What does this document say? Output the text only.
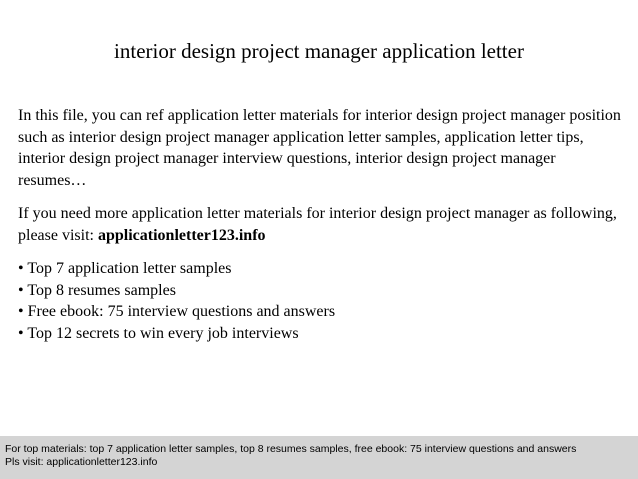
interior design project manager application letter

In this file, you can ref application letter materials for interior design project manager position such as interior design project manager application letter samples, application letter tips, interior design project manager interview questions, interior design project manager resumes…

If you need more application letter materials for interior design project manager as following, please visit: applicationletter123.info

• Top 7 application letter samples
• Top 8 resumes samples
• Free ebook: 75 interview questions and answers
• Top 12 secrets to win every job interviews
For top materials: top 7 application letter samples, top 8 resumes samples, free ebook: 75 interview questions and answers
Pls visit: applicationletter123.info
